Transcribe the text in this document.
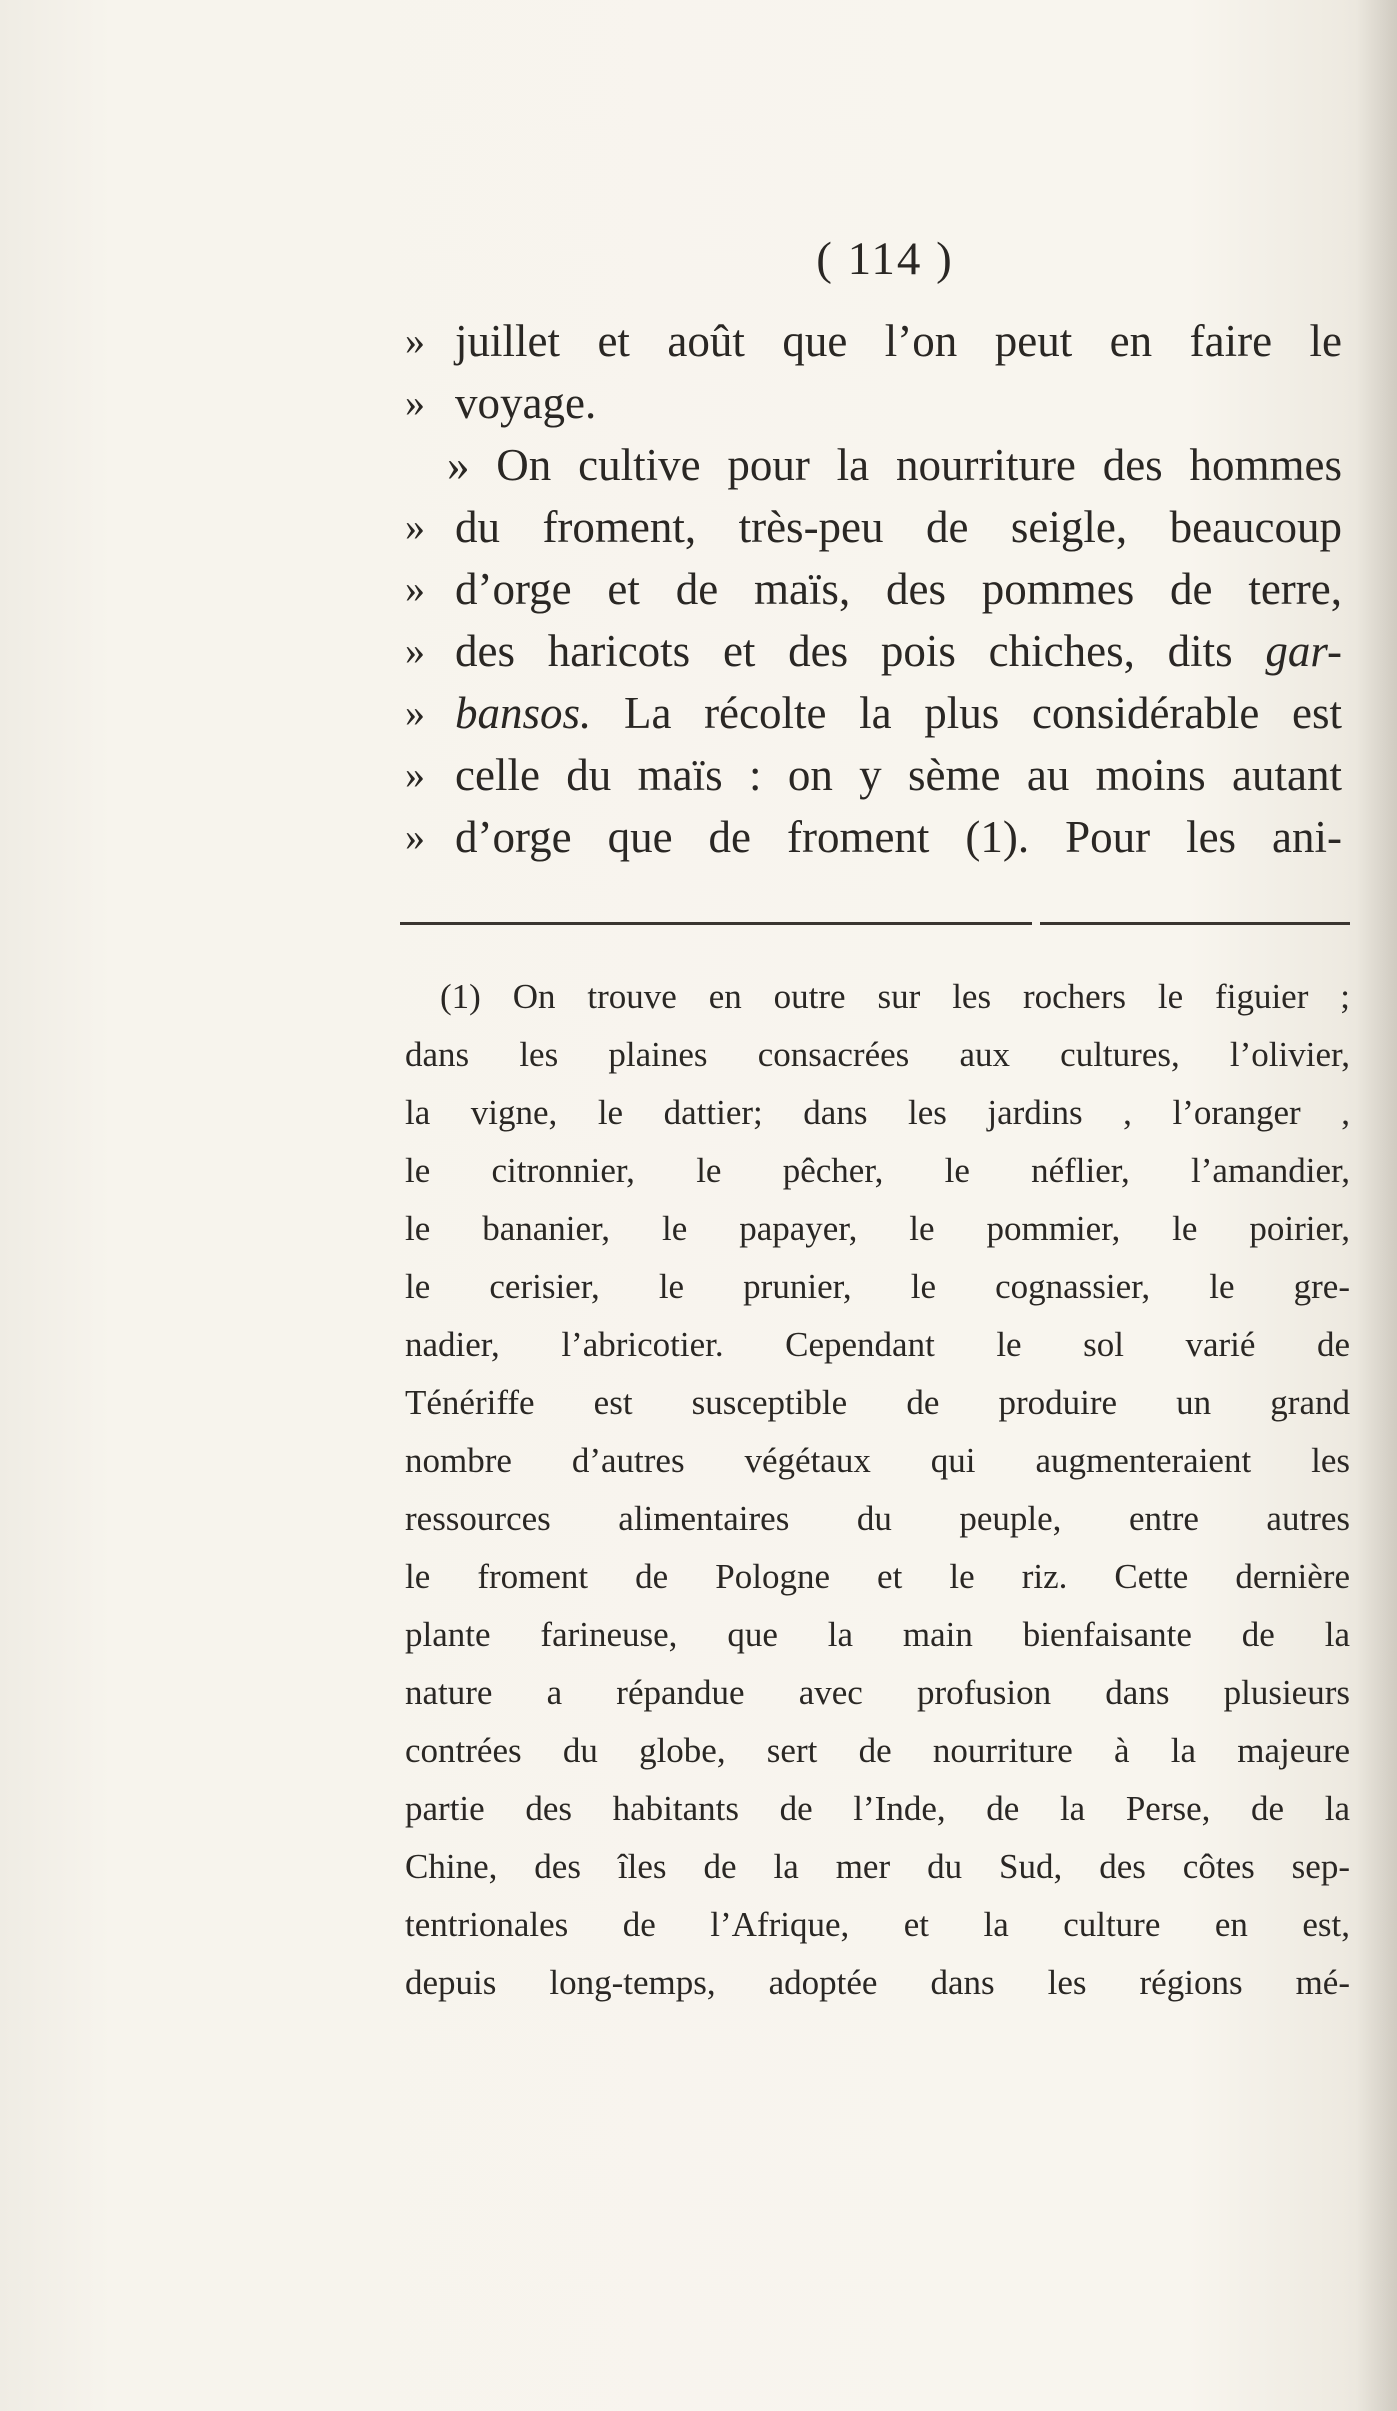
( 114 )
» juillet et août que l’on peut en faire le
» voyage.
» On cultive pour la nourriture des hommes
» du froment, très-peu de seigle, beaucoup
» d’orge et de maïs, des pommes de terre,
» des haricots et des pois chiches, dits gar-
» bansos. La récolte la plus considérable est
» celle du maïs : on y sème au moins autant
» d’orge que de froment (1). Pour les ani-
(1) On trouve en outre sur les rochers le figuier ;
dans les plaines consacrées aux cultures, l’olivier,
la vigne, le dattier; dans les jardins , l’oranger ,
le citronnier, le pêcher, le néflier, l’amandier,
le bananier, le papayer, le pommier, le poirier,
le cerisier, le prunier, le cognassier, le gre-
nadier, l’abricotier. Cependant le sol varié de
Ténériffe est susceptible de produire un grand
nombre d’autres végétaux qui augmenteraient les
ressources alimentaires du peuple, entre autres
le froment de Pologne et le riz. Cette dernière
plante farineuse, que la main bienfaisante de la
nature a répandue avec profusion dans plusieurs
contrées du globe, sert de nourriture à la majeure
partie des habitants de l’Inde, de la Perse, de la
Chine, des îles de la mer du Sud, des côtes sep-
tentrionales de l’Afrique, et la culture en est,
depuis long-temps, adoptée dans les régions mé-
